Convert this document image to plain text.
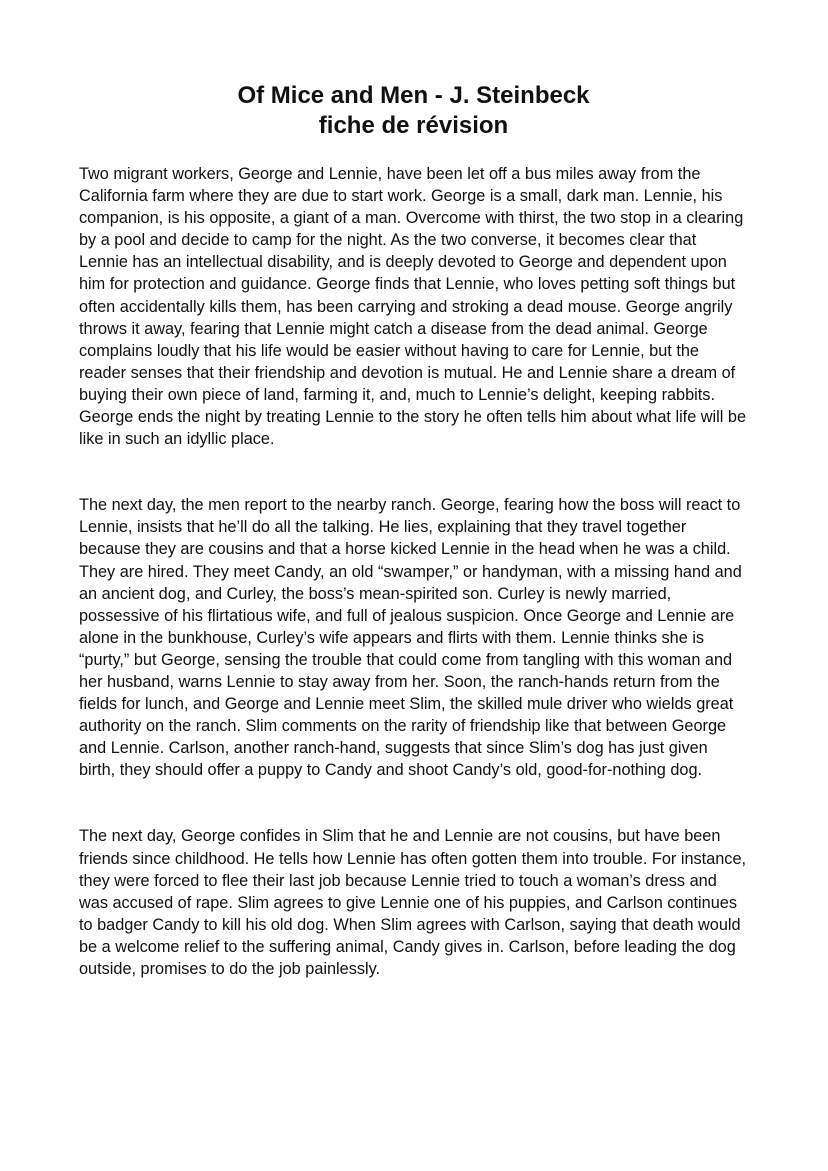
Of Mice and Men - J. Steinbeck
fiche de révision

Two migrant workers, George and Lennie, have been let off a bus miles away from the California farm where they are due to start work. George is a small, dark man. Lennie, his companion, is his opposite, a giant of a man. Overcome with thirst, the two stop in a clearing by a pool and decide to camp for the night. As the two converse, it becomes clear that Lennie has an intellectual disability, and is deeply devoted to George and dependent upon him for protection and guidance. George finds that Lennie, who loves petting soft things but often accidentally kills them, has been carrying and stroking a dead mouse. George angrily throws it away, fearing that Lennie might catch a disease from the dead animal. George complains loudly that his life would be easier without having to care for Lennie, but the reader senses that their friendship and devotion is mutual. He and Lennie share a dream of buying their own piece of land, farming it, and, much to Lennie’s delight, keeping rabbits. George ends the night by treating Lennie to the story he often tells him about what life will be like in such an idyllic place.

The next day, the men report to the nearby ranch. George, fearing how the boss will react to Lennie, insists that he’ll do all the talking. He lies, explaining that they travel together because they are cousins and that a horse kicked Lennie in the head when he was a child. They are hired. They meet Candy, an old “swamper,” or handyman, with a missing hand and an ancient dog, and Curley, the boss’s mean-spirited son. Curley is newly married, possessive of his flirtatious wife, and full of jealous suspicion. Once George and Lennie are alone in the bunkhouse, Curley’s wife appears and flirts with them. Lennie thinks she is “purty,” but George, sensing the trouble that could come from tangling with this woman and her husband, warns Lennie to stay away from her. Soon, the ranch-hands return from the fields for lunch, and George and Lennie meet Slim, the skilled mule driver who wields great authority on the ranch. Slim comments on the rarity of friendship like that between George and Lennie. Carlson, another ranch-hand, suggests that since Slim’s dog has just given birth, they should offer a puppy to Candy and shoot Candy’s old, good-for-nothing dog.

The next day, George confides in Slim that he and Lennie are not cousins, but have been friends since childhood. He tells how Lennie has often gotten them into trouble. For instance, they were forced to flee their last job because Lennie tried to touch a woman’s dress and was accused of rape. Slim agrees to give Lennie one of his puppies, and Carlson continues to badger Candy to kill his old dog. When Slim agrees with Carlson, saying that death would be a welcome relief to the suffering animal, Candy gives in. Carlson, before leading the dog outside, promises to do the job painlessly.
